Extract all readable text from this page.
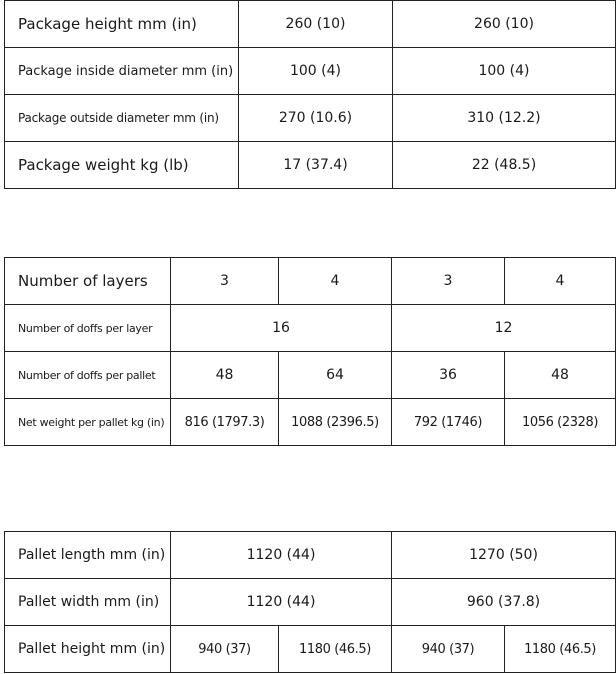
Package height mm (in)	260 (10)	260 (10)
Package inside diameter mm (in)	100 (4)	100 (4)
Package outside diameter mm (in)	270 (10.6)	310 (12.2)
Package weight kg (lb)	17 (37.4)	22 (48.5)
Number of layers	3	4	3	4
Number of doffs per layer	16		12	
Number of doffs per pallet	48	64	36	48
Net weight per pallet kg (in)	816 (1797.3)	1088 (2396.5)	792 (1746)	1056 (2328)
Pallet length mm (in)	1120 (44)		1270 (50)	
Pallet width mm (in)	1120 (44)		960 (37.8)	
Pallet height mm (in)	940 (37)	1180 (46.5)	940 (37)	1180 (46.5)
